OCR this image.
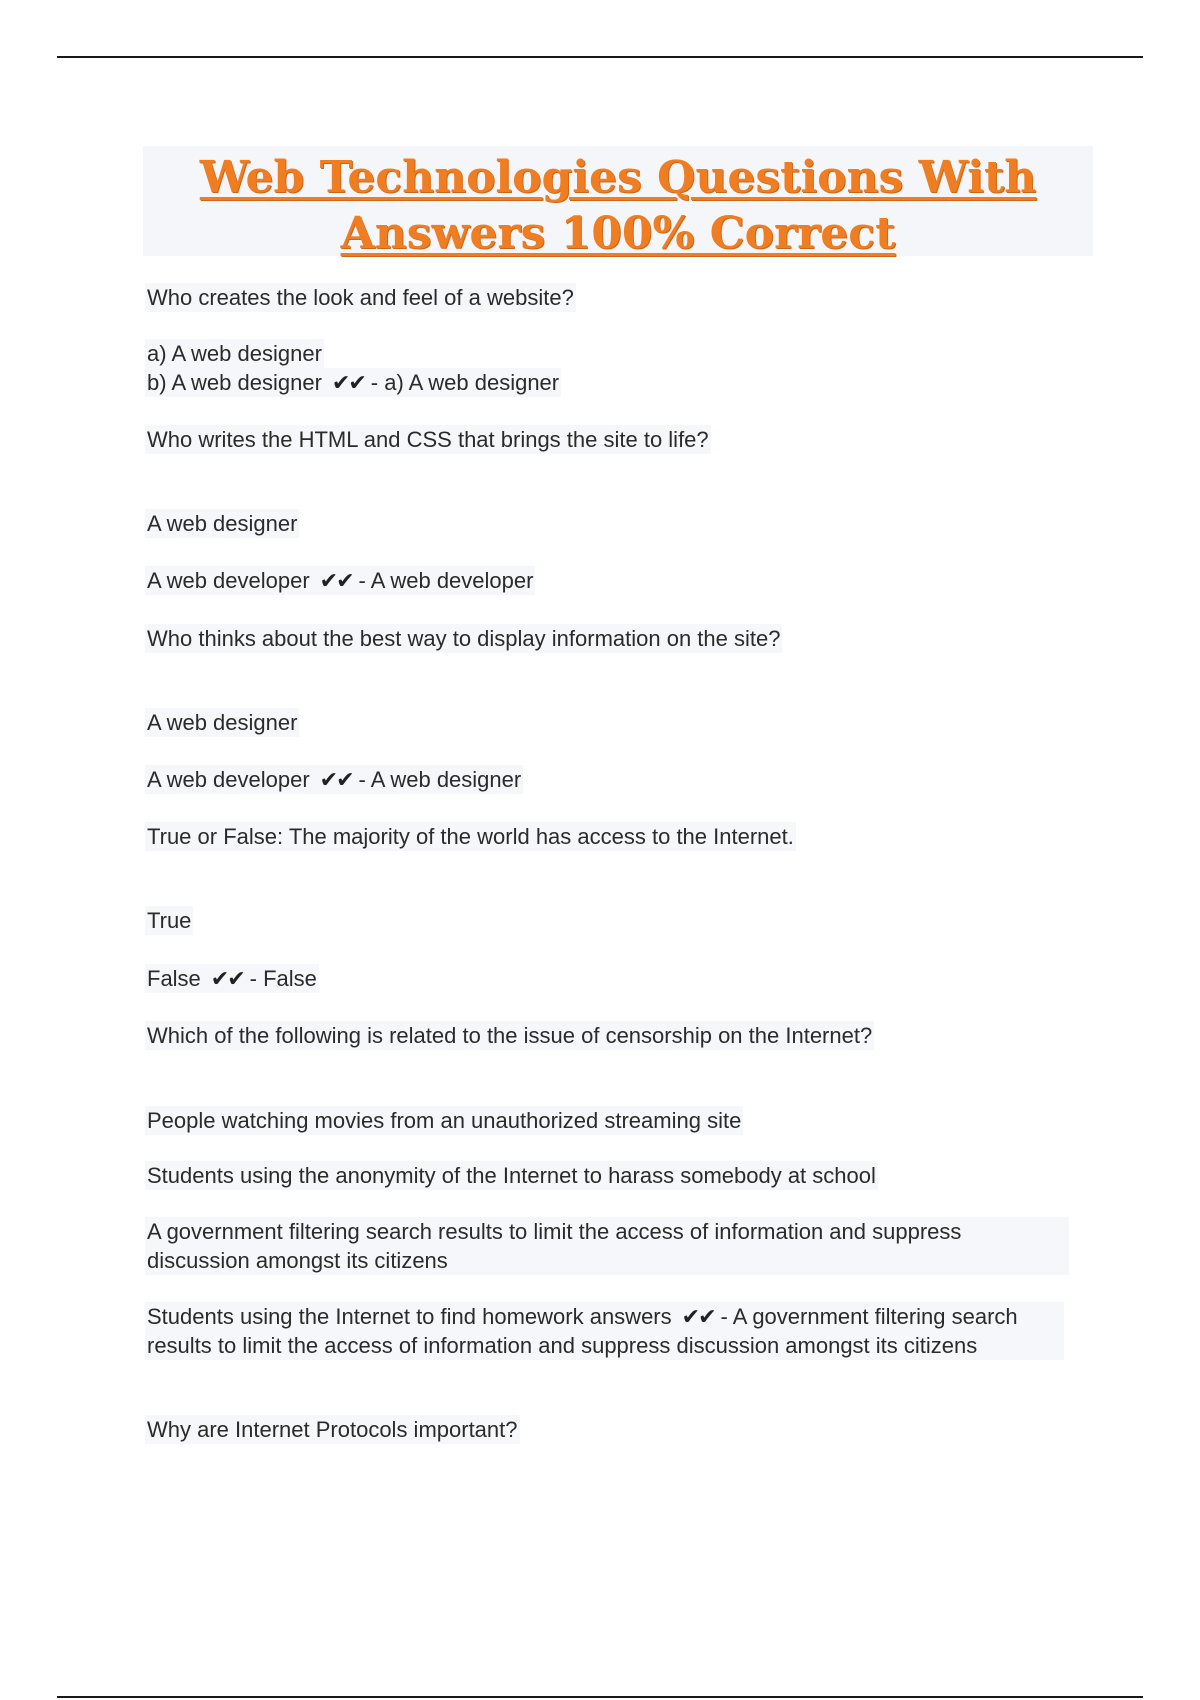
Web Technologies Questions With
Answers 100% Correct
Who creates the look and feel of a website?
a) A web designer
b) A web designer ✔✔ - a) A web designer
Who writes the HTML and CSS that brings the site to life?
A web designer
A web developer ✔✔ - A web developer
Who thinks about the best way to display information on the site?
A web designer
A web developer ✔✔ - A web designer
True or False: The majority of the world has access to the Internet.
True
False ✔✔ - False
Which of the following is related to the issue of censorship on the Internet?
People watching movies from an unauthorized streaming site
Students using the anonymity of the Internet to harass somebody at school
A government filtering search results to limit the access of information and suppress discussion amongst its citizens
Students using the Internet to find homework answers ✔✔ - A government filtering search results to limit the access of information and suppress discussion amongst its citizens
Why are Internet Protocols important?
